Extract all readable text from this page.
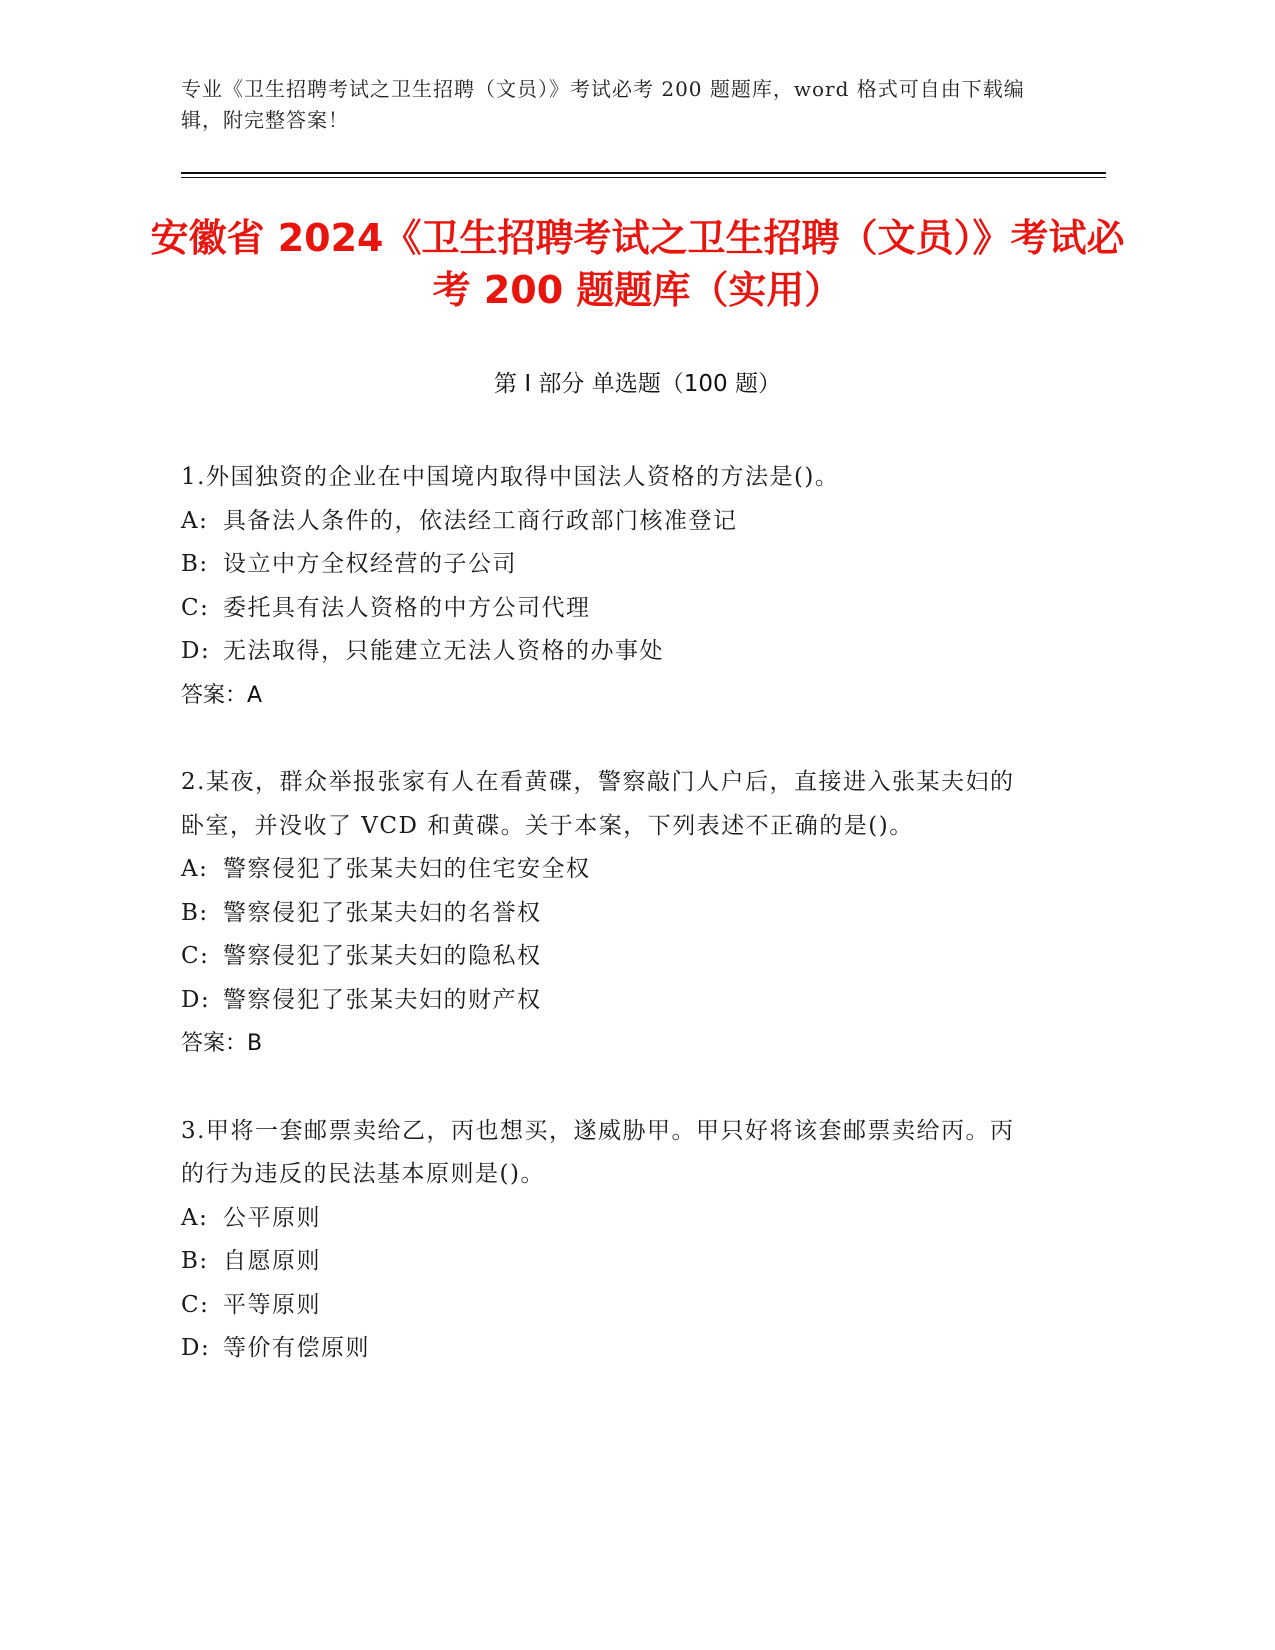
专业《卫生招聘考试之卫生招聘（文员）》考试必考 200 题题库，word 格式可自由下载编辑，附完整答案！
安徽省 2024《卫生招聘考试之卫生招聘（文员）》考试必考 200 题题库（实用）
第 I 部分 单选题（100 题）
1.外国独资的企业在中国境内取得中国法人资格的方法是()。
A: 具备法人条件的，依法经工商行政部门核准登记
B: 设立中方全权经营的子公司
C: 委托具有法人资格的中方公司代理
D: 无法取得，只能建立无法人资格的办事处
答案：A
2.某夜，群众举报张家有人在看黄碟，警察敲门人户后，直接进入张某夫妇的卧室，并没收了 VCD 和黄碟。关于本案，下列表述不正确的是()。
A: 警察侵犯了张某夫妇的住宅安全权
B: 警察侵犯了张某夫妇的名誉权
C: 警察侵犯了张某夫妇的隐私权
D: 警察侵犯了张某夫妇的财产权
答案：B
3.甲将一套邮票卖给乙，丙也想买，遂威胁甲。甲只好将该套邮票卖给丙。丙的行为违反的民法基本原则是()。
A: 公平原则
B: 自愿原则
C: 平等原则
D: 等价有偿原则
